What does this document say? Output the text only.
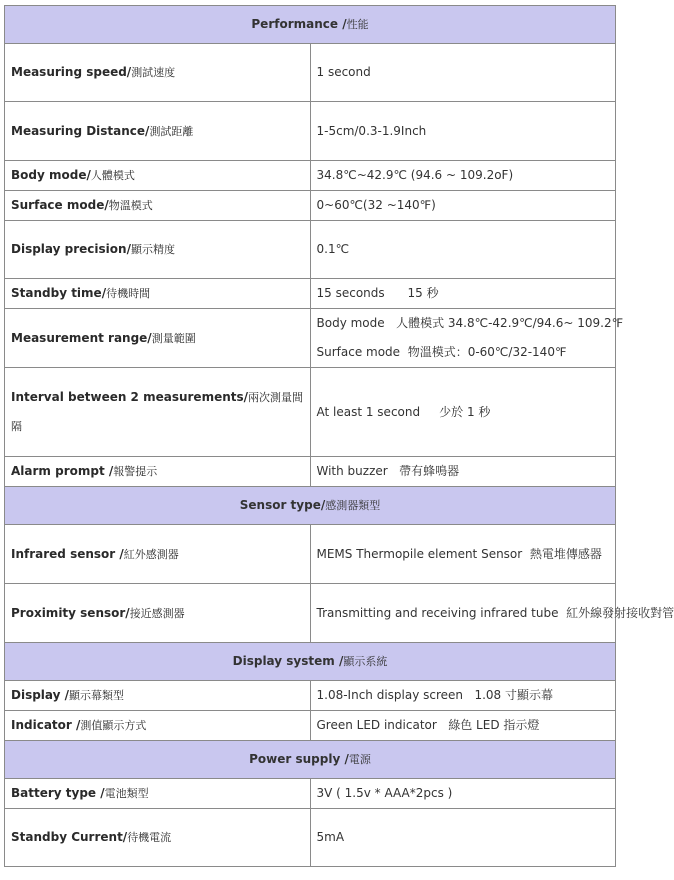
Performance /性能	
Measuring speed/測試速度	1 second
Measuring Distance/測試距離	1-5cm/0.3-1.9Inch
Body mode/人體模式	34.8℃~42.9℃ (94.6 ~ 109.2oF)
Surface mode/物溫模式	0~60℃(32 ~140℉)
Display precision/顯示精度	0.1℃
Standby time/待機時間	15 seconds      15 秒
Measurement range/測量範圍	Body mode   人體模式 34.8℃-42.9℃/94.6~ 109.2℉
Surface mode  物溫模式：0-60℃/32-140℉

Interval between 2 measurements/兩次測量間隔	At least 1 second     少於 1 秒
Alarm prompt /報警提示	With buzzer   帶有蜂鳴器
Sensor type/感測器類型	
Infrared sensor /紅外感測器	MEMS Thermopile element Sensor  熱電堆傳感器
Proximity sensor/接近感測器	Transmitting and receiving infrared tube  紅外線發射接收對管
Display system /顯示系統	
Display /顯示幕類型	1.08-Inch display screen   1.08 寸顯示幕
Indicator /測值顯示方式	Green LED indicator   綠色 LED 指示燈
Power supply /電源	
Battery type /電池類型	3V ( 1.5v * AAA*2pcs )
Standby Current/待機電流	5mA
